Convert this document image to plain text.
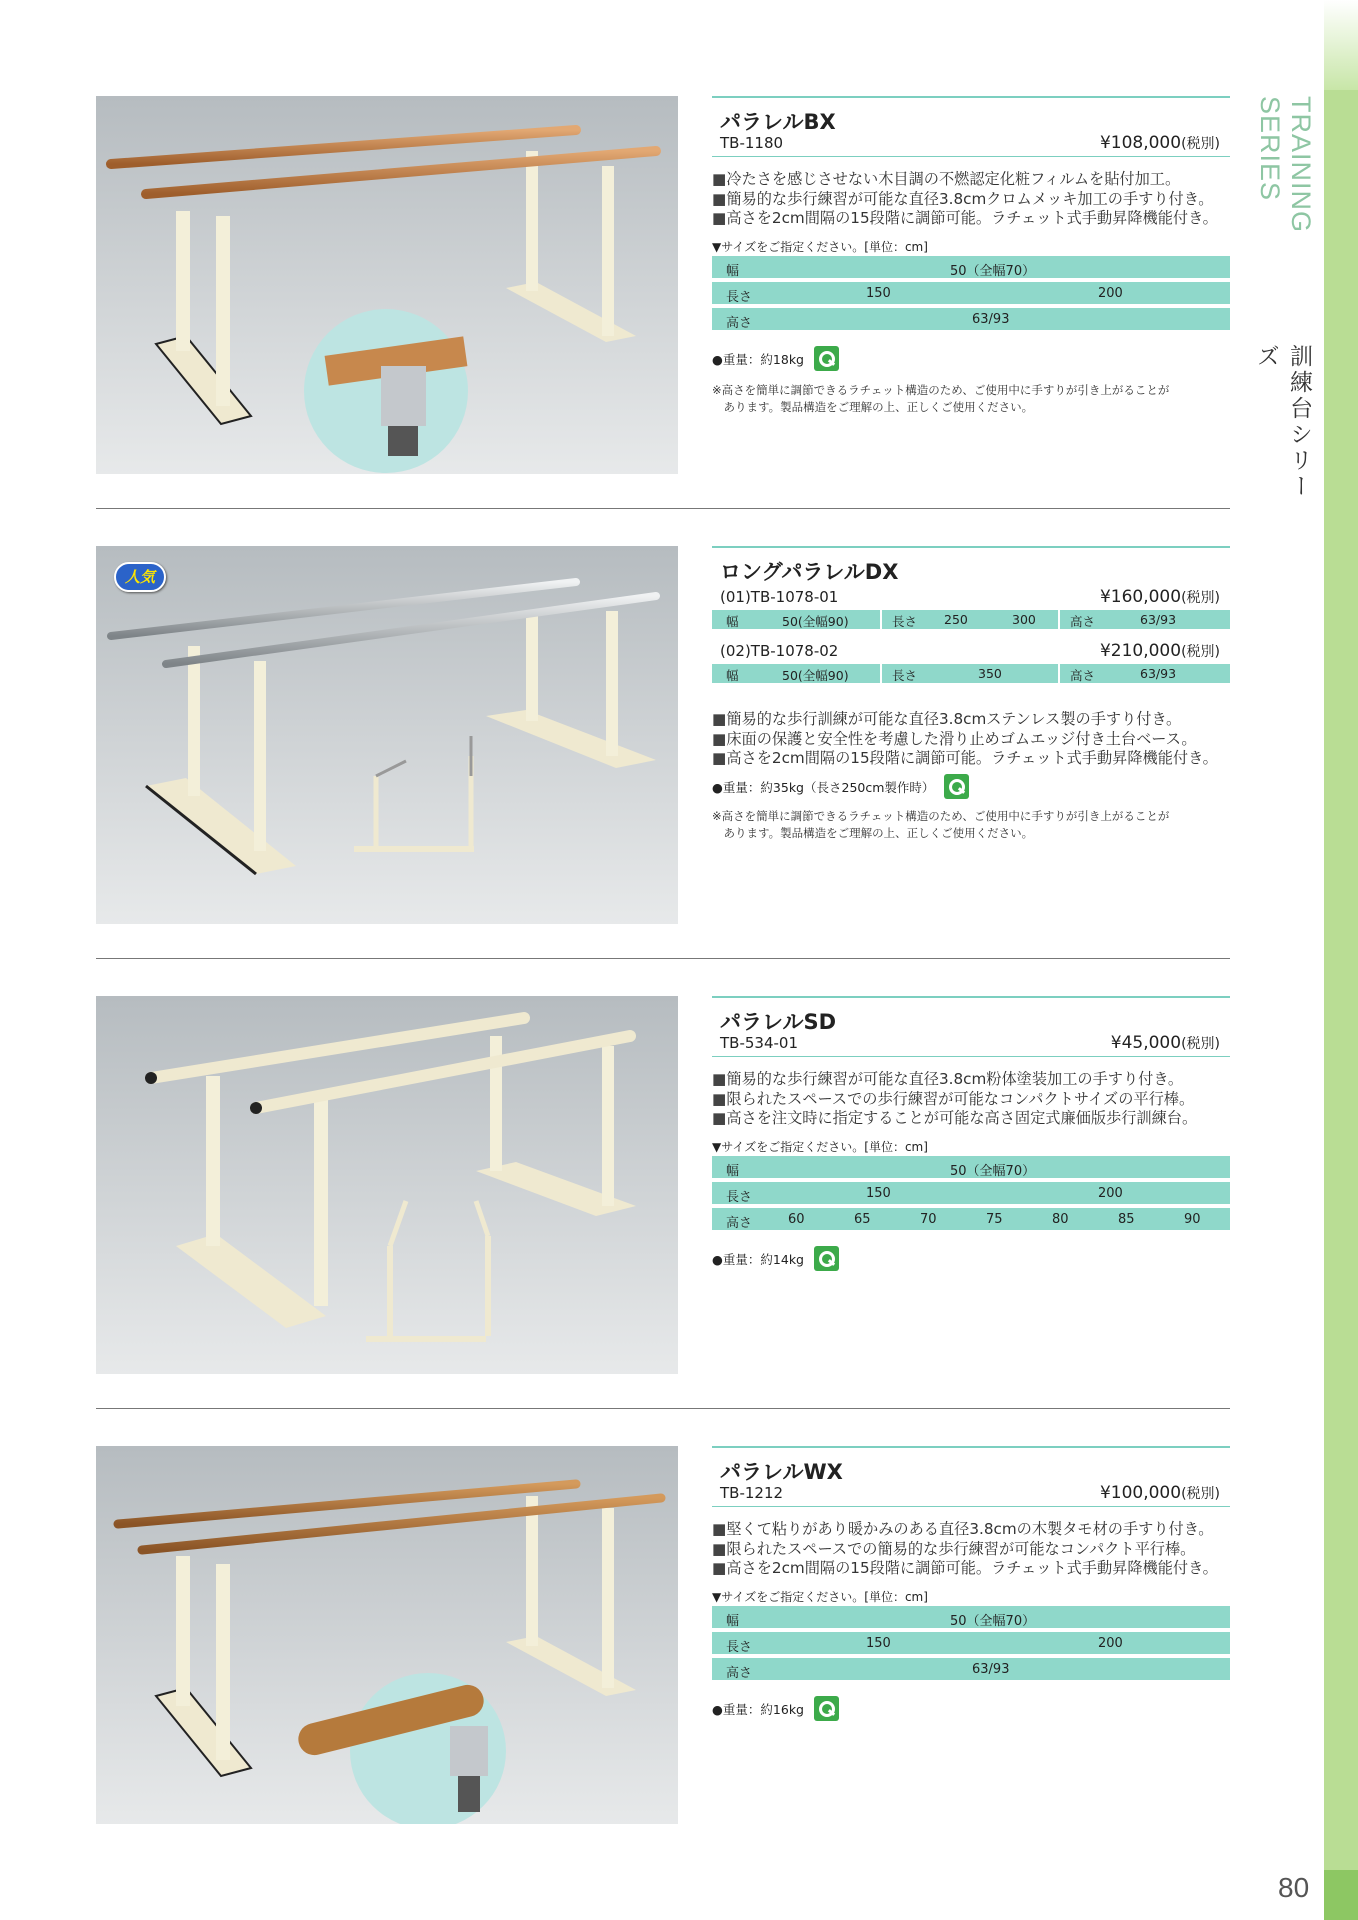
TRAINING SERIES
訓練台シリーズ
80
パラレルBX
TB-1180	¥108,000(税別)
■ 冷たさを感じさせない木目調の不燃認定化粧フィルムを貼付加工。
■ 簡易的な歩行練習が可能な直径3.8cmクロムメッキ加工の手すり付き。
■ 高さを2cm間隔の15段階に調節可能。ラチェット式手動昇降機能付き。
▼サイズをご指定ください。[単位：cm]
幅	50（全幅70）
長さ	150	200
高さ	63/93
●重量：約18kg
※高さを簡単に調節できるラチェット構造のため、ご使用中に手すりが引き上がることが
　あります。製品構造をご理解の上、正しくご使用ください。
人気	ロングパラレルDX
(01)TB-1078-01	¥160,000(税別)
幅	50(全幅90)	長さ 250	300	高さ	63/93
(02)TB-1078-02	¥210,000(税別)
幅	50(全幅90)	長さ	350	高さ	63/93
■ 簡易的な歩行訓練が可能な直径3.8cmステンレス製の手すり付き。
■ 床面の保護と安全性を考慮した滑り止めゴムエッジ付き土台ベース。
■ 高さを2cm間隔の15段階に調節可能。ラチェット式手動昇降機能付き。
●重量：約35kg（長さ250cm製作時）
※高さを簡単に調節できるラチェット構造のため、ご使用中に手すりが引き上がることが
　あります。製品構造をご理解の上、正しくご使用ください。
パラレルSD
TB-534-01	¥45,000(税別)
■ 簡易的な歩行練習が可能な直径3.8cm粉体塗装加工の手すり付き。
■ 限られたスペースでの歩行練習が可能なコンパクトサイズの平行棒。
■ 高さを注文時に指定することが可能な高さ固定式廉価版歩行訓練台。
▼サイズをご指定ください。[単位：cm]
幅	50（全幅70）
長さ	150	200
高さ	60	65	70	75	80	85	90
●重量：約14kg
パラレルWX
TB-1212	¥100,000(税別)
■ 堅くて粘りがあり暖かみのある直径3.8cmの木製タモ材の手すり付き。
■ 限られたスペースでの簡易的な歩行練習が可能なコンパクト平行棒。
■ 高さを2cm間隔の15段階に調節可能。ラチェット式手動昇降機能付き。
▼サイズをご指定ください。[単位：cm]
幅	50（全幅70）
長さ	150	200
高さ	63/93
●重量：約16kg
